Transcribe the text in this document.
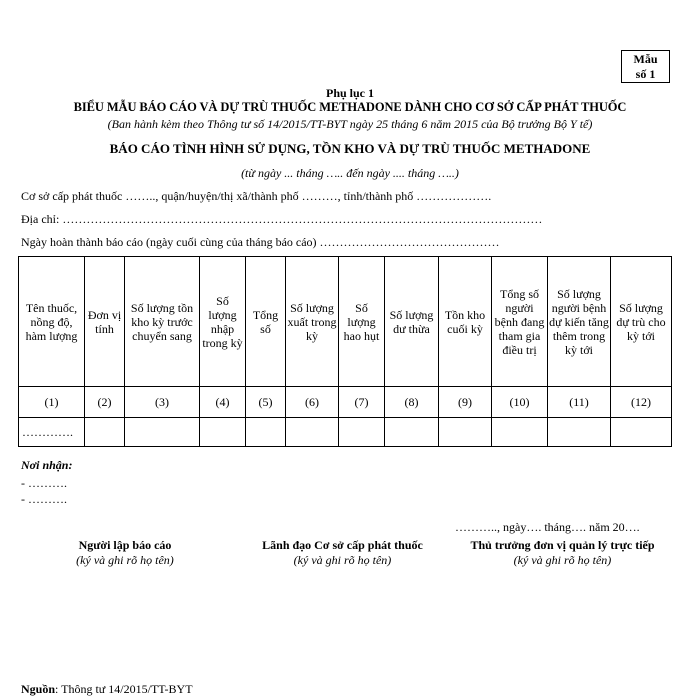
Mẫu
số 1
Phụ lục 1
BIỂU MẪU BÁO CÁO VÀ DỰ TRÙ THUỐC METHADONE DÀNH CHO CƠ SỞ CẤP PHÁT THUỐC
(Ban hành kèm theo Thông tư số 14/2015/TT-BYT ngày 25 tháng 6 năm 2015 của Bộ trưởng Bộ Y tế)
BÁO CÁO TÌNH HÌNH SỬ DỤNG, TỒN KHO VÀ DỰ TRÙ THUỐC METHADONE
(từ ngày ... tháng ….. đến ngày .... tháng …..)
Cơ sở cấp phát thuốc …….., quận/huyện/thị xã/thành phố ………, tỉnh/thành phố ……………….
Địa chỉ: …………………………………………………………………………………………………………
Ngày hoàn thành báo cáo (ngày cuối cùng của tháng báo cáo) ………………………………………
Tên thuốc, nồng độ, hàm lượng	Đơn vị tính	Số lượng tồn kho kỳ trước chuyển sang	Số lượng nhập trong kỳ	Tổng số	Số lượng xuất trong kỳ	Số lượng hao hụt	Số lượng dư thừa	Tồn kho cuối kỳ	Tổng số người bệnh đang tham gia điều trị	Số lượng người bệnh dự kiến tăng thêm trong kỳ tới	Số lượng dự trù cho kỳ tới
(1)	(2)	(3)	(4)	(5)	(6)	(7)	(8)	(9)	(10)	(11)	(12)
………….											
Nơi nhận:
- ……….
- ……….
……….., ngày…. tháng…. năm 20….
Người lập báo cáo
(ký và ghi rõ họ tên)
Lãnh đạo Cơ sở cấp phát thuốc
(ký và ghi rõ họ tên)
Thủ trưởng đơn vị quản lý trực tiếp
(ký và ghi rõ họ tên)
Nguồn: Thông tư 14/2015/TT-BYT
